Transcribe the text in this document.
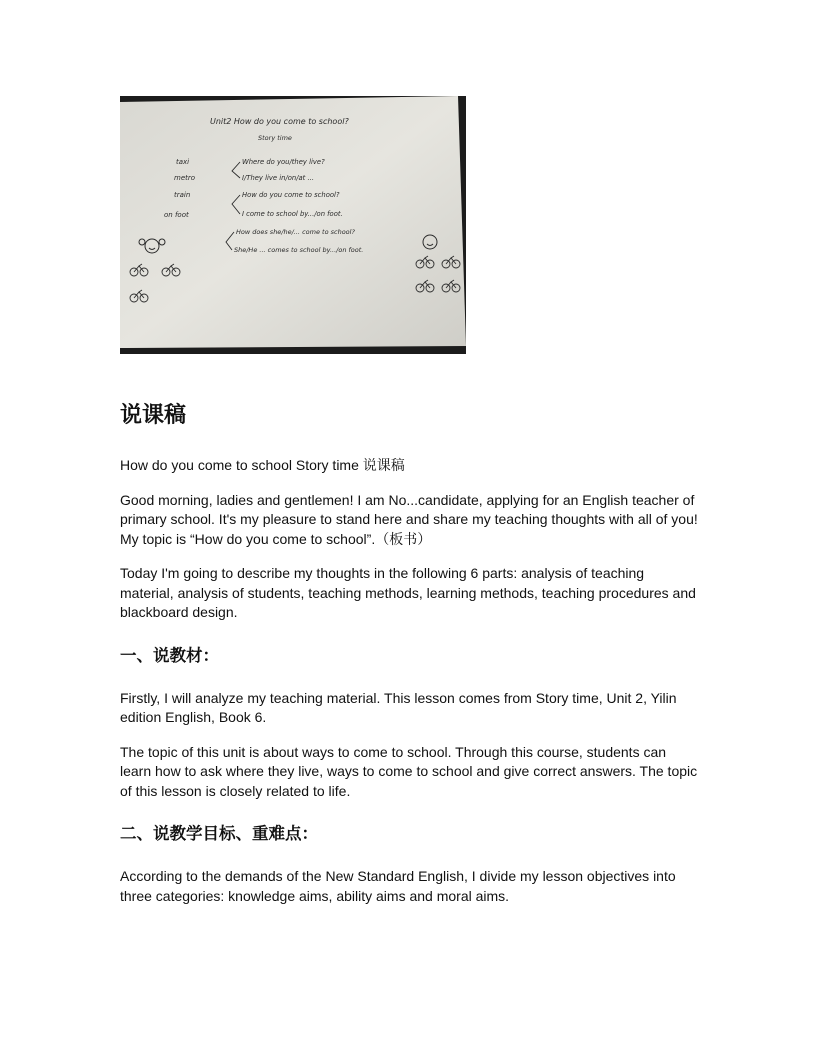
Unit2 How do you come to school?
Story time
taxi
metro
train
on foot
Where do you/they live?
I/They live in/on/at ...
How do you come to school?
I come to school by.../on foot.
How does she/he/... come to school?
She/He ... comes to school by.../on foot.
说课稿

How do you come to school Story time 说课稿

Good morning, ladies and gentlemen! I am No...candidate, applying for an English teacher of primary school. It's my pleasure to stand here and share my teaching thoughts with all of you! My topic is “How do you come to school”.（板书）

Today I'm going to describe my thoughts in the following 6 parts: analysis of teaching material, analysis of students, teaching methods, learning methods, teaching procedures and blackboard design.

一、说教材：

Firstly, I will analyze my teaching material. This lesson comes from Story time, Unit 2, Yilin edition English, Book 6.

The topic of this unit is about ways to come to school. Through this course, students can learn how to ask where they live, ways to come to school and give correct answers. The topic of this lesson is closely related to life.

二、说教学目标、重难点：

According to the demands of the New Standard English, I divide my lesson objectives into three categories: knowledge aims, ability aims and moral aims.
